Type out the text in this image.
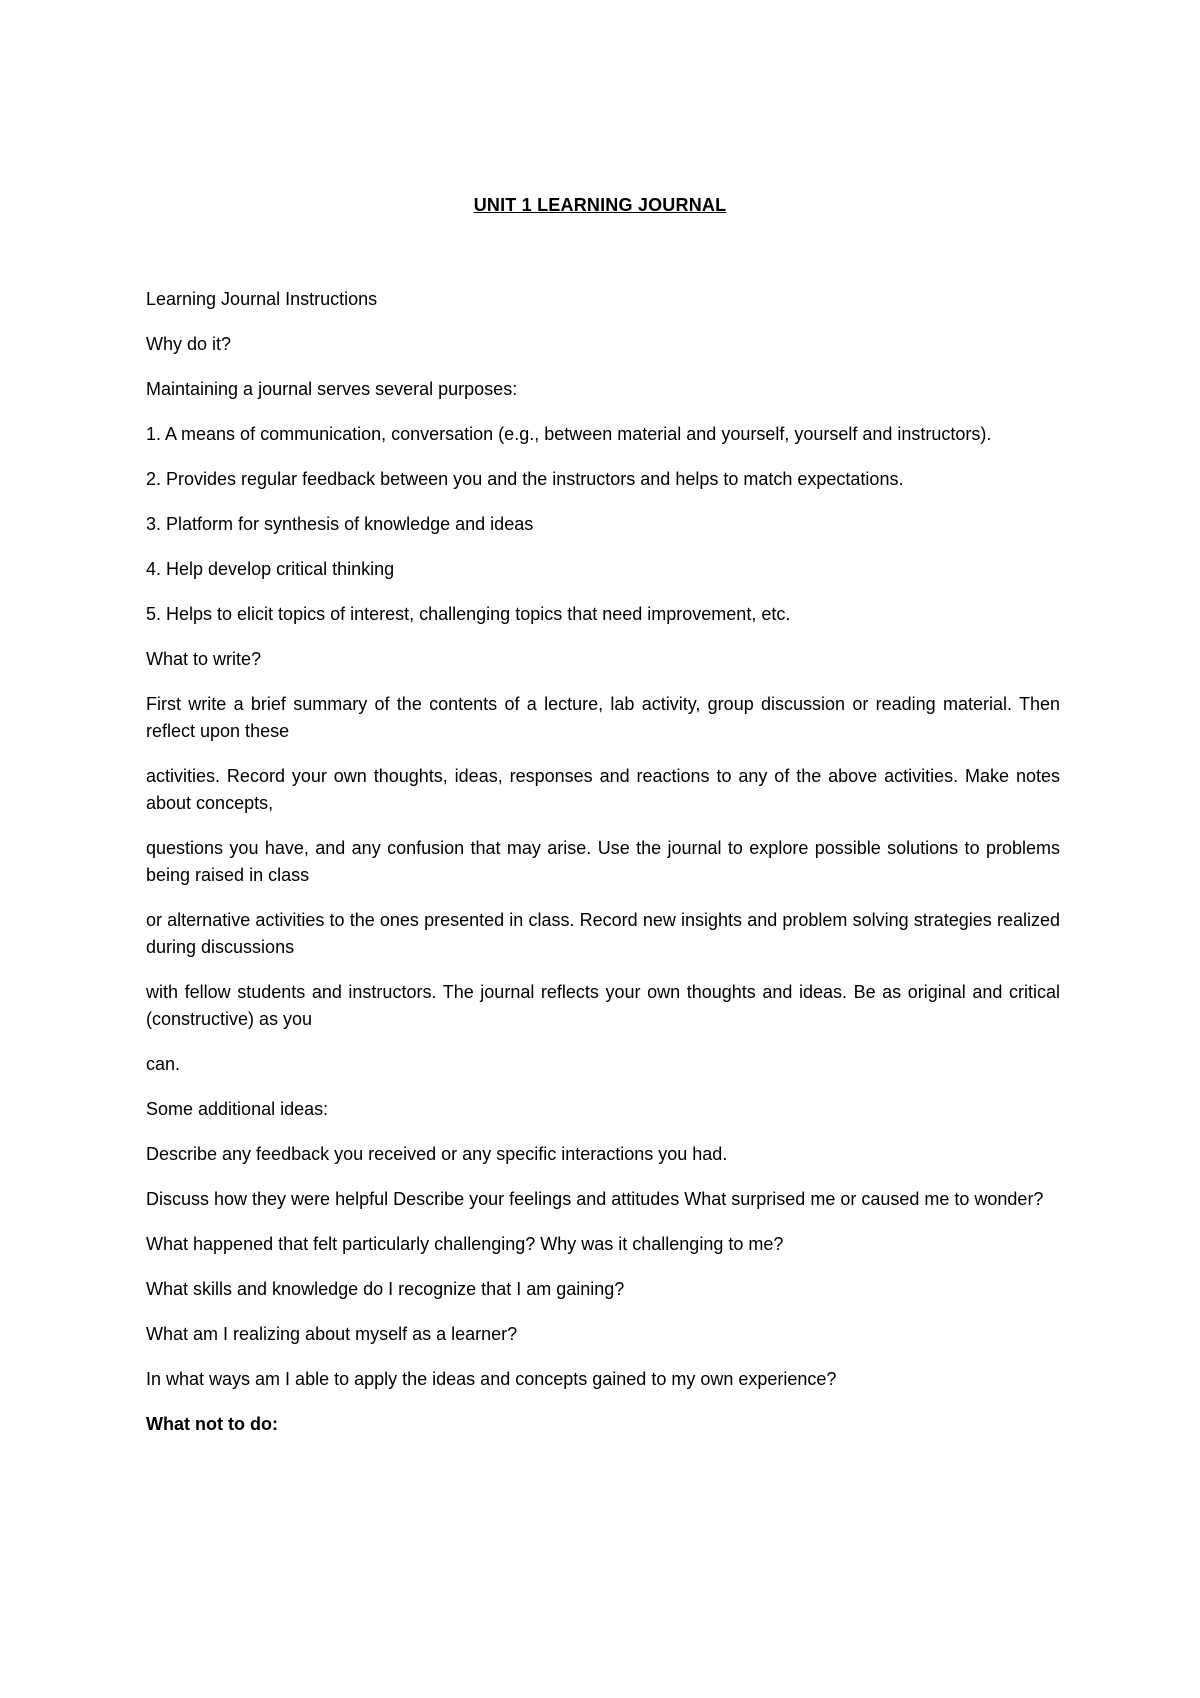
UNIT 1 LEARNING JOURNAL

Learning Journal Instructions

Why do it?

Maintaining a journal serves several purposes:

1. A means of communication, conversation (e.g., between material and yourself, yourself and instructors).

2. Provides regular feedback between you and the instructors and helps to match expectations.

3. Platform for synthesis of knowledge and ideas

4. Help develop critical thinking

5. Helps to elicit topics of interest, challenging topics that need improvement, etc.

What to write?

First write a brief summary of the contents of a lecture, lab activity, group discussion or reading material. Then reflect upon these

activities. Record your own thoughts, ideas, responses and reactions to any of the above activities. Make notes about concepts,

questions you have, and any confusion that may arise. Use the journal to explore possible solutions to problems being raised in class

or alternative activities to the ones presented in class. Record new insights and problem solving strategies realized during discussions

with fellow students and instructors. The journal reflects your own thoughts and ideas. Be as original and critical (constructive) as you

can.

Some additional ideas:

Describe any feedback you received or any specific interactions you had.

Discuss how they were helpful Describe your feelings and attitudes What surprised me or caused me to wonder?

What happened that felt particularly challenging? Why was it challenging to me?

What skills and knowledge do I recognize that I am gaining?

What am I realizing about myself as a learner?

In what ways am I able to apply the ideas and concepts gained to my own experience?

What not to do:
